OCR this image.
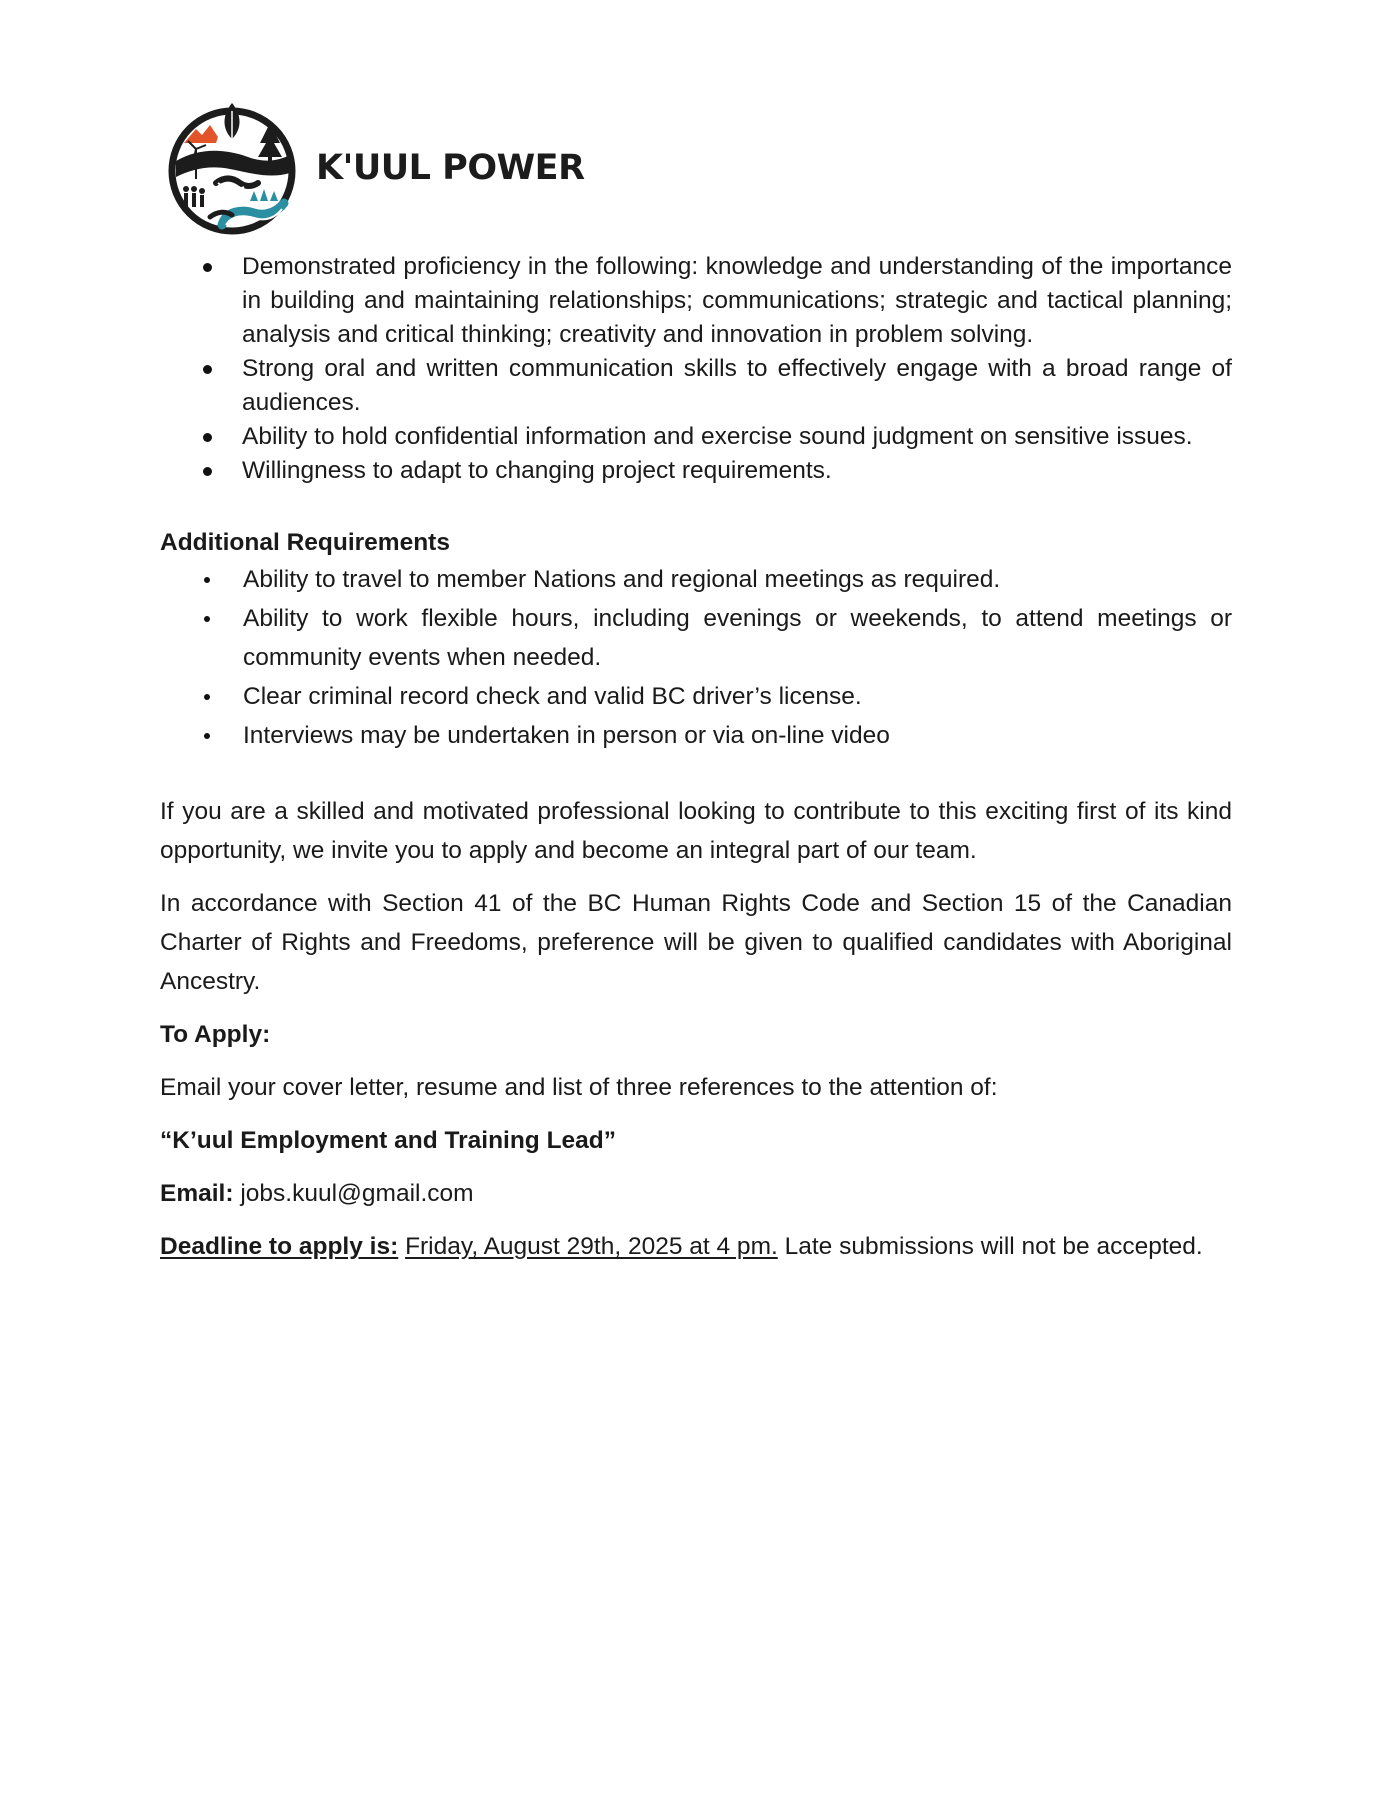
K'UUL POWER
Demonstrated proficiency in the following: knowledge and understanding of the importance in building and maintaining relationships; communications; strategic and tactical planning; analysis and critical thinking; creativity and innovation in problem solving.
Strong oral and written communication skills to effectively engage with a broad range of audiences.
Ability to hold confidential information and exercise sound judgment on sensitive issues.
Willingness to adapt to changing project requirements.
Additional Requirements
Ability to travel to member Nations and regional meetings as required.
Ability to work flexible hours, including evenings or weekends, to attend meetings or community events when needed.
Clear criminal record check and valid BC driver’s license.
Interviews may be undertaken in person or via on-line video

If you are a skilled and motivated professional looking to contribute to this exciting first of its kind opportunity, we invite you to apply and become an integral part of our team.

In accordance with Section 41 of the BC Human Rights Code and Section 15 of the Canadian Charter of Rights and Freedoms, preference will be given to qualified candidates with Aboriginal Ancestry.

To Apply:

Email your cover letter, resume and list of three references to the attention of:

“K’uul Employment and Training Lead”

Email: jobs.kuul@gmail.com

Deadline to apply is: Friday, August 29th, 2025 at 4 pm. Late submissions will not be accepted.
